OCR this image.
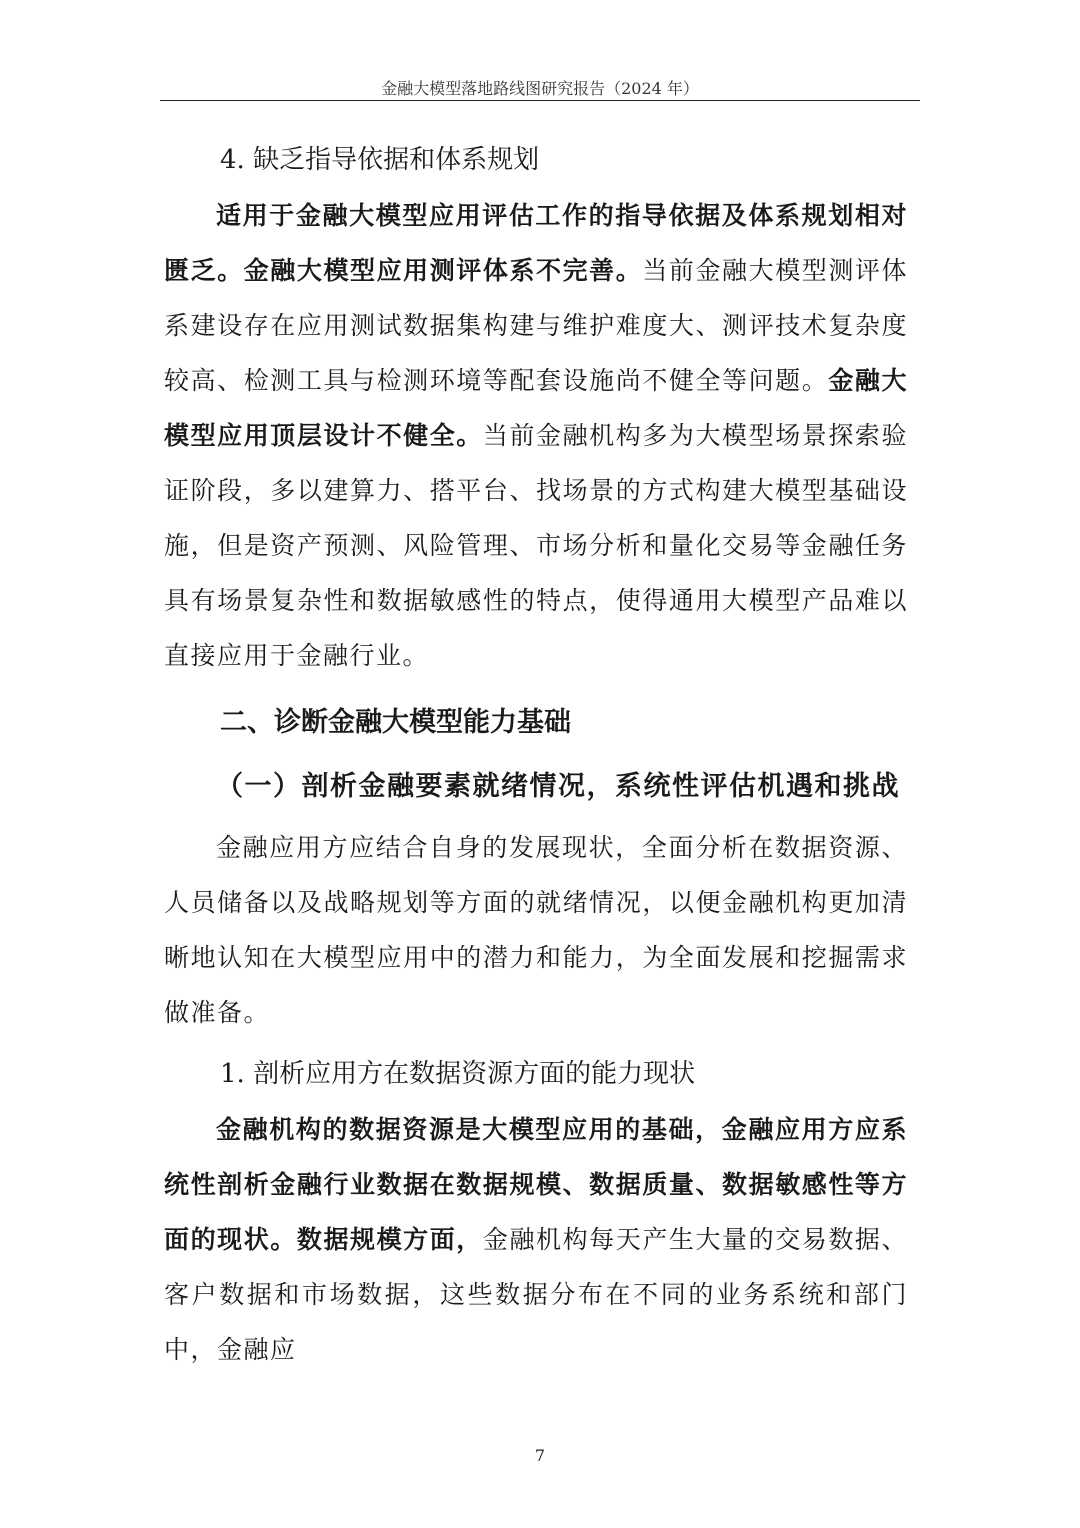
金融大模型落地路线图研究报告（2024 年）
4. 缺乏指导依据和体系规划

适用于金融大模型应用评估工作的指导依据及体系规划相对匮乏。金融大模型应用测评体系不完善。当前金融大模型测评体系建设存在应用测试数据集构建与维护难度大、测评技术复杂度较高、检测工具与检测环境等配套设施尚不健全等问题。金融大模型应用顶层设计不健全。当前金融机构多为大模型场景探索验证阶段，多以建算力、搭平台、找场景的方式构建大模型基础设施，但是资产预测、风险管理、市场分析和量化交易等金融任务具有场景复杂性和数据敏感性的特点，使得通用大模型产品难以直接应用于金融行业。

二、诊断金融大模型能力基础

（一）剖析金融要素就绪情况，系统性评估机遇和挑战

金融应用方应结合自身的发展现状，全面分析在数据资源、人员储备以及战略规划等方面的就绪情况，以便金融机构更加清晰地认知在大模型应用中的潜力和能力，为全面发展和挖掘需求做准备。

1. 剖析应用方在数据资源方面的能力现状

金融机构的数据资源是大模型应用的基础，金融应用方应系统性剖析金融行业数据在数据规模、数据质量、数据敏感性等方面的现状。数据规模方面，金融机构每天产生大量的交易数据、客户数据和市场数据，这些数据分布在不同的业务系统和部门中，金融应

7
